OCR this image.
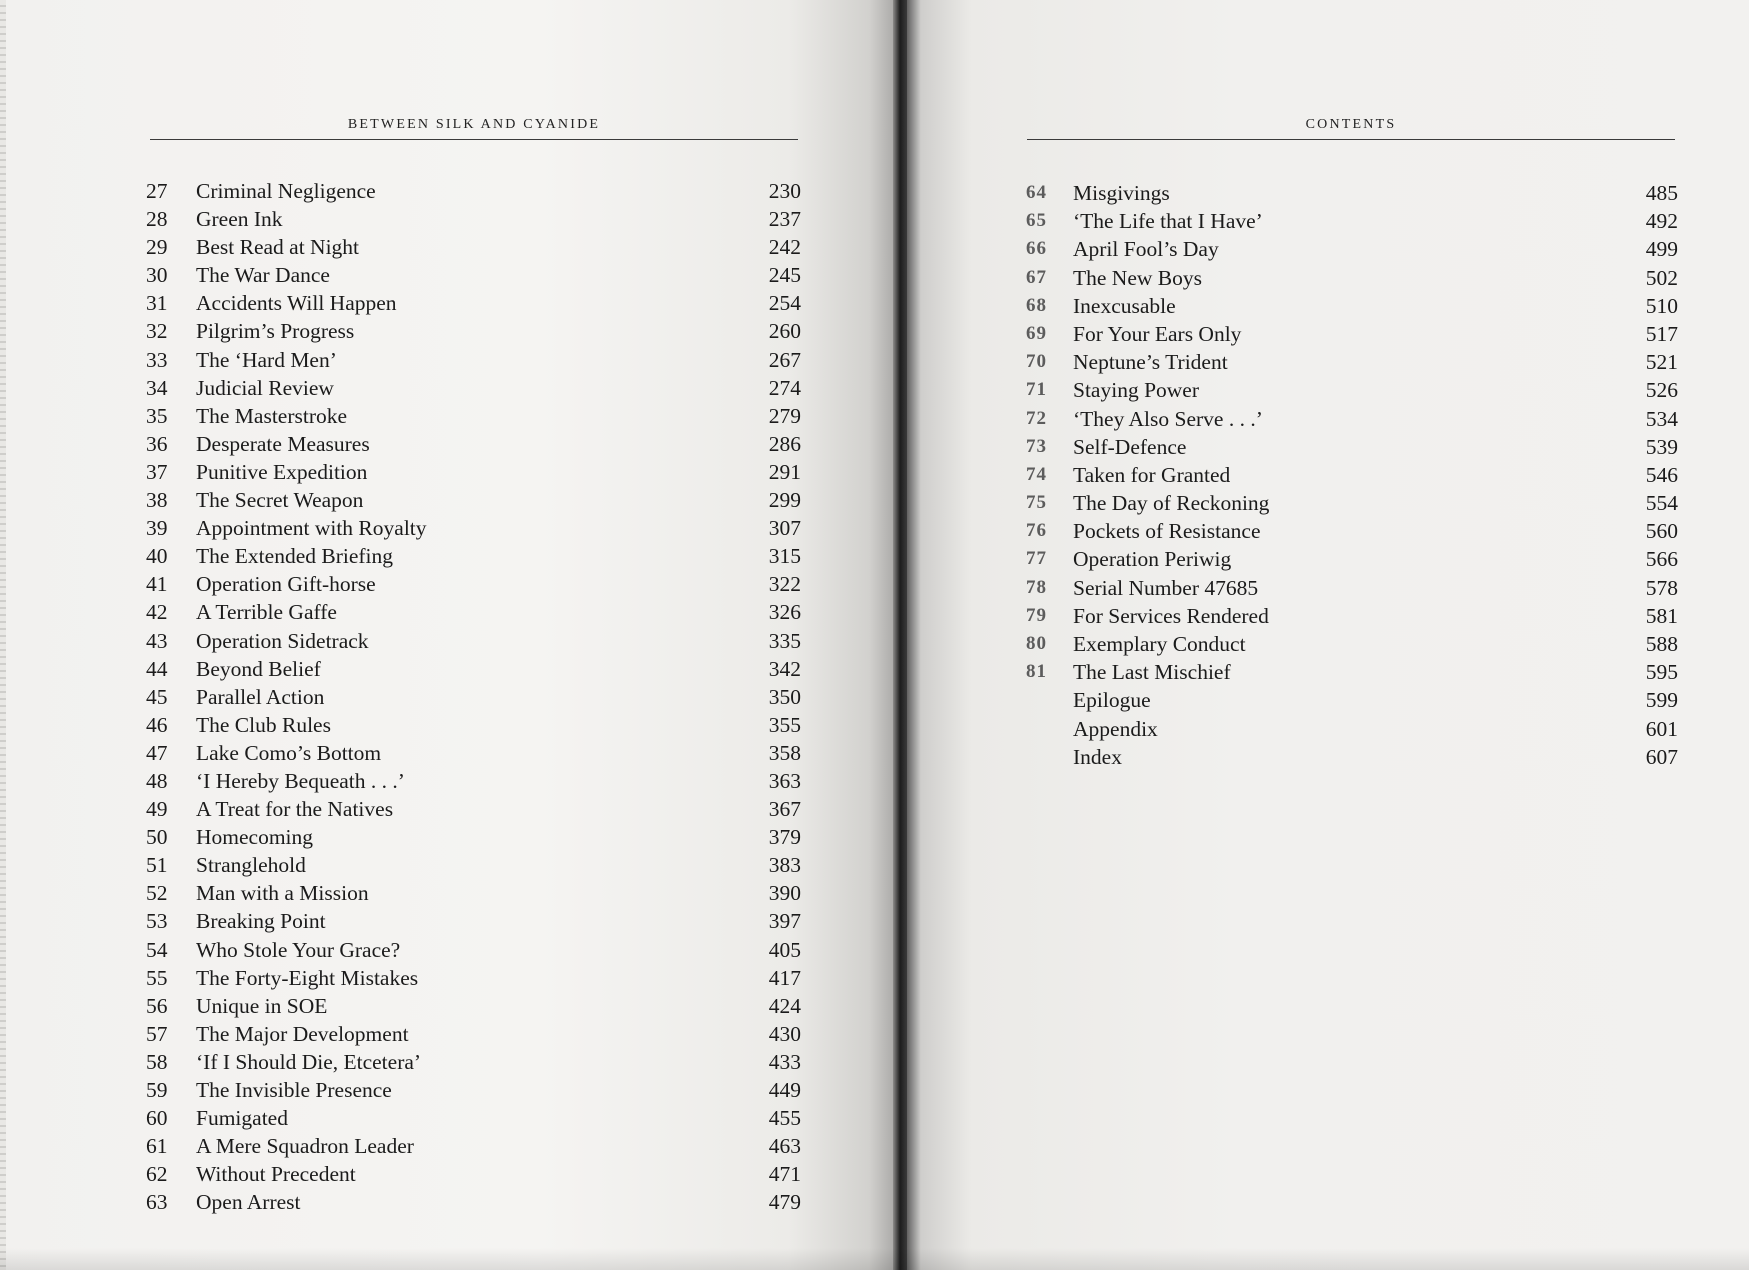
BETWEEN SILK AND CYANIDE
27	Criminal Negligence	230
28	Green Ink	237
29	Best Read at Night	242
30	The War Dance	245
31	Accidents Will Happen	254
32	Pilgrim’s Progress	260
33	The ‘Hard Men’	267
34	Judicial Review	274
35	The Masterstroke	279
36	Desperate Measures	286
37	Punitive Expedition	291
38	The Secret Weapon	299
39	Appointment with Royalty	307
40	The Extended Briefing	315
41	Operation Gift-horse	322
42	A Terrible Gaffe	326
43	Operation Sidetrack	335
44	Beyond Belief	342
45	Parallel Action	350
46	The Club Rules	355
47	Lake Como’s Bottom	358
48	‘I Hereby Bequeath . . .’	363
49	A Treat for the Natives	367
50	Homecoming	379
51	Stranglehold	383
52	Man with a Mission	390
53	Breaking Point	397
54	Who Stole Your Grace?	405
55	The Forty-Eight Mistakes	417
56	Unique in SOE	424
57	The Major Development	430
58	‘If I Should Die, Etcetera’	433
59	The Invisible Presence	449
60	Fumigated	455
61	A Mere Squadron Leader	463
62	Without Precedent	471
63	Open Arrest	479
CONTENTS
64	Misgivings	485
65	‘The Life that I Have’	492
66	April Fool’s Day	499
67	The New Boys	502
68	Inexcusable	510
69	For Your Ears Only	517
70	Neptune’s Trident	521
71	Staying Power	526
72	‘They Also Serve . . .’	534
73	Self-Defence	539
74	Taken for Granted	546
75	The Day of Reckoning	554
76	Pockets of Resistance	560
77	Operation Periwig	566
78	Serial Number 47685	578
79	For Services Rendered	581
80	Exemplary Conduct	588
81	The Last Mischief	595
Epilogue	599
Appendix	601
Index	607
